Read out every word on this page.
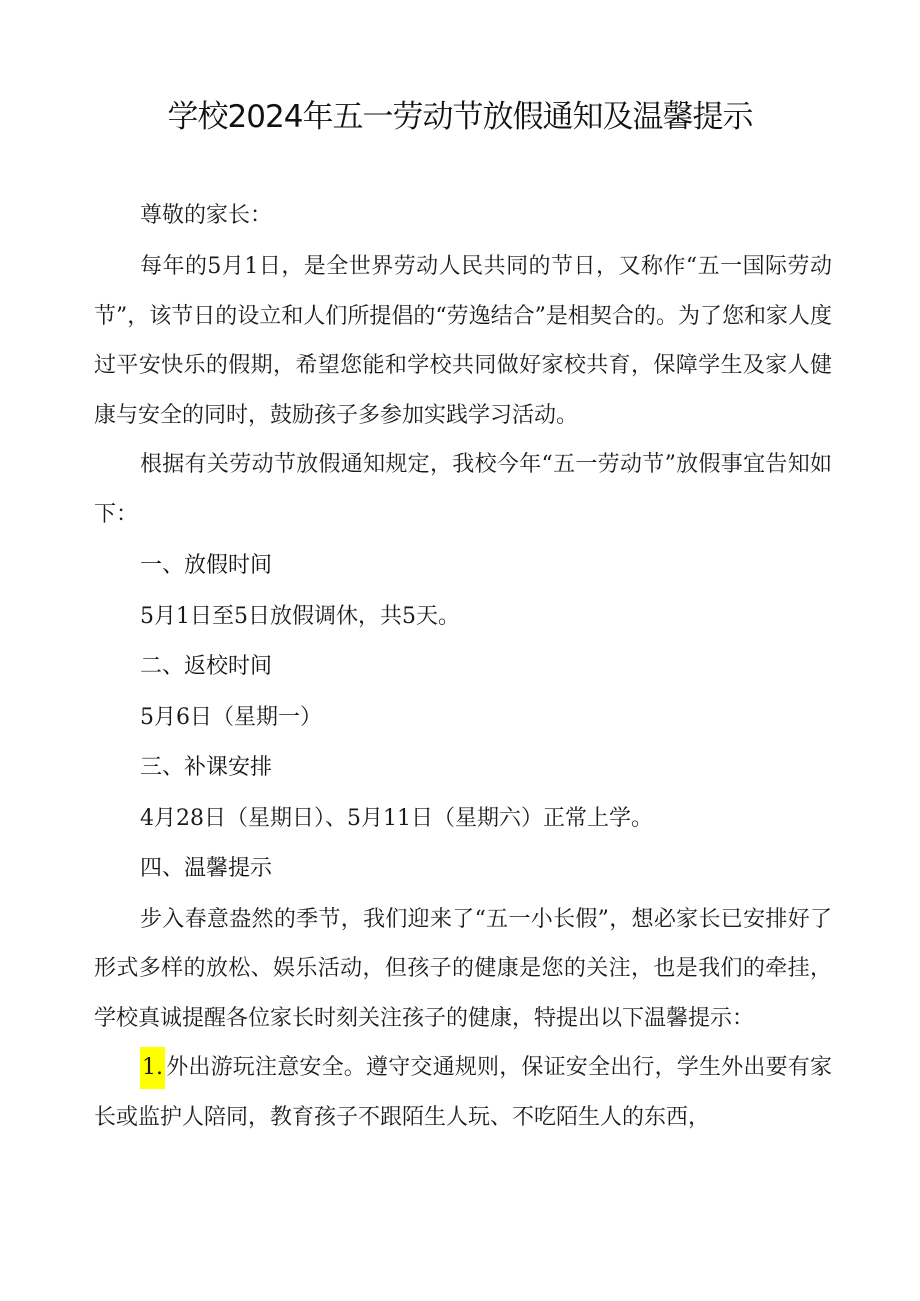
学校2024年五一劳动节放假通知及温馨提示

尊敬的家长：

每年的5月1日，是全世界劳动人民共同的节日，又称作“五一国际劳动节”，该节日的设立和人们所提倡的“劳逸结合”是相契合的。为了您和家人度过平安快乐的假期，希望您能和学校共同做好家校共育，保障学生及家人健康与安全的同时，鼓励孩子多参加实践学习活动。

根据有关劳动节放假通知规定，我校今年“五一劳动节”放假事宜告知如下：

一、放假时间

5月1日至5日放假调休，共5天。

二、返校时间

5月6日（星期一）

三、补课安排

4月28日（星期日）、5月11日（星期六）正常上学。

四、温馨提示

步入春意盎然的季节，我们迎来了“五一小长假”，想必家长已安排好了形式多样的放松、娱乐活动，但孩子的健康是您的关注，也是我们的牵挂，学校真诚提醒各位家长时刻关注孩子的健康，特提出以下温馨提示：

1. 外出游玩注意安全。遵守交通规则，保证安全出行，学生外出要有家长或监护人陪同，教育孩子不跟陌生人玩、不吃陌生人的东西，
